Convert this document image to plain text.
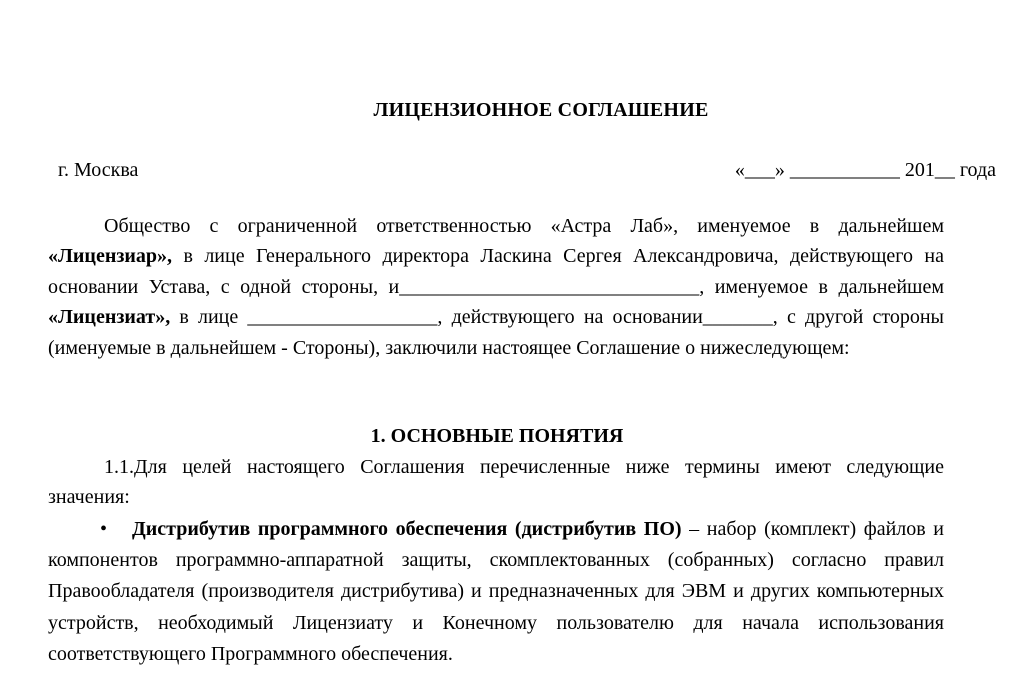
ЛИЦЕНЗИОННОЕ СОГЛАШЕНИЕ
г. Москва	«___» ___________ 201__ года
Общество с ограниченной ответственностью «Астра Лаб», именуемое в дальнейшем «Лицензиар», в лице Генерального директора Ласкина Сергея Александровича, действующего на основании Устава, с одной стороны, и______________________________, именуемое в дальнейшем «Лицензиат», в лице ___________________, действующего на основании_______, с другой стороны (именуемые в дальнейшем - Стороны), заключили настоящее Соглашение о нижеследующем:
1. ОСНОВНЫЕ ПОНЯТИЯ
1.1.Для целей настоящего Соглашения перечисленные ниже термины имеют следующие значения:
• Дистрибутив программного обеспечения (дистрибутив ПО) – набор (комплект) файлов и компонентов программно-аппаратной защиты, скомплектованных (собранных) согласно правил Правообладателя (производителя дистрибутива) и предназначенных для ЭВМ и других компьютерных устройств, необходимый Лицензиату и Конечному пользователю для начала использования соответствующего Программного обеспечения.
